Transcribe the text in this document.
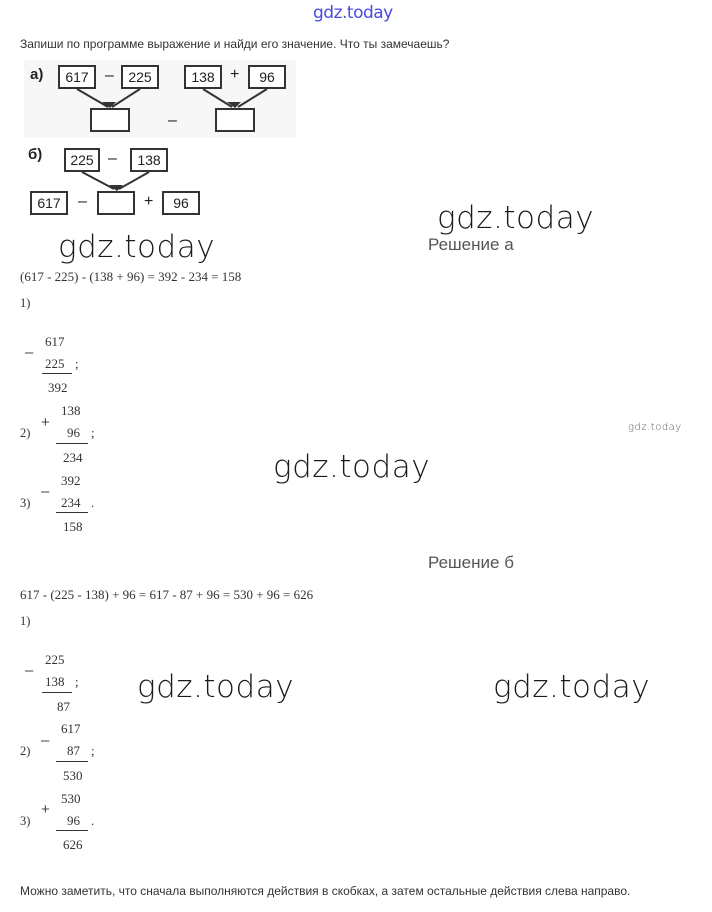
gdz.today
Запиши по программе выражение и найди его значение. Что ты замечаешь?
а)	617	–	225	138 +	96
–
б)	225 –	138
617	–	+	96	gdz.today
gdz.today
gdz.today
gdz.today
gdz.today	gdz.today
Решение а
(617 - 225) - (138 + 96) = 392 - 234 = 158
1)
–
617
225 ;
392
2)
+
138
96 ;
234
3)
–
392
234 .
158
Решение б
617 - (225 - 138) + 96 = 617 - 87 + 96 = 530 + 96 = 626
1)
–
225
138 ;
87
2)
–
617
87 ;
530
3)
+
530
96 .
626
Можно заметить, что сначала выполняются действия в скобках, а затем остальные действия слева направо.
